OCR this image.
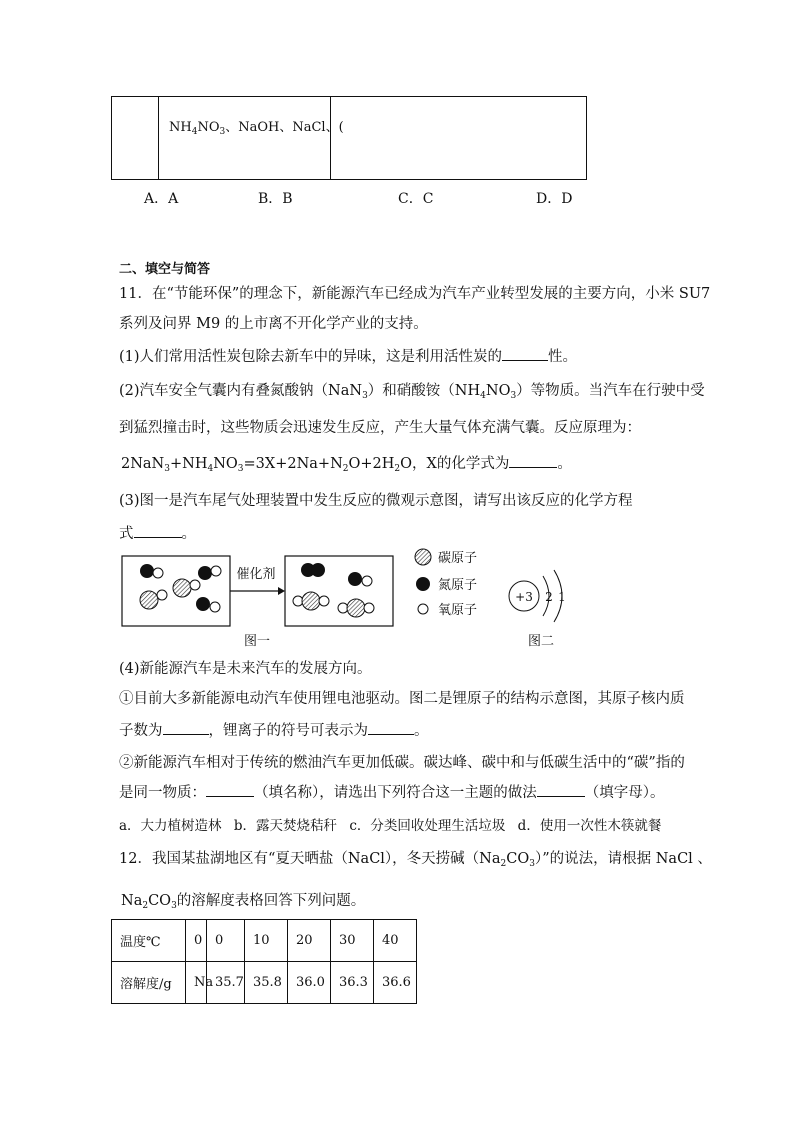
$NH_4NO_3$、NaOH、NaCl、(

A．A	B．B	C．C	D．D
二、填空与简答
11．在“节能环保”的理念下，新能源汽车已经成为汽车产业转型发展的主要方向，小米 SU7
系列及问界 M9 的上市离不开化学产业的支持。
(1)人们常用活性炭包除去新车中的异味，这是利用活性炭的	性。
(2)汽车安全气囊内有叠氮酸钠（NaN$_3$）和硝酸铵$(NH_4NO_3)$等物质。当汽车在行驶中受
到猛烈撞击时，这些物质会迅速发生反应，产生大量气体充满气囊。反应原理为：
$2NaN_3+NH_4NO_3=3X+2Na+N_2O+2H_2O$，X的化学式为	。
(3)图一是汽车尾气处理装置中发生反应的微观示意图，请写出该反应的化学方程
式	。
催化剂
碳原子
氮原子
氧原子
+3 2 1
图一	图二
(4)新能源汽车是未来汽车的发展方向。
①目前大多新能源电动汽车使用锂电池驱动。图二是锂原子的结构示意图，其原子核内质
子数为	，锂离子的符号可表示为	。
②新能源汽车相对于传统的燃油汽车更加低碳。碳达峰、碳中和与低碳生活中的“碳”指的
是同一物质：	（填名称），请选出下列符合这一主题的做法	（填字母）。
a．大力植树造林 b．露天焚烧秸秆 c．分类回收处理生活垃圾 d．使用一次性木筷就餐
12．我国某盐湖地区有“夏天晒盐（NaCl），冬天捞碱$(Na_2CO_3)$”的说法，请根据 NaCl 、
$Na_2CO_3$的溶解度表格回答下列问题。
温度℃	0	0	10	20	30	40
溶解度/g	Na	35.7	35.8	36.0	36.3	36.6
